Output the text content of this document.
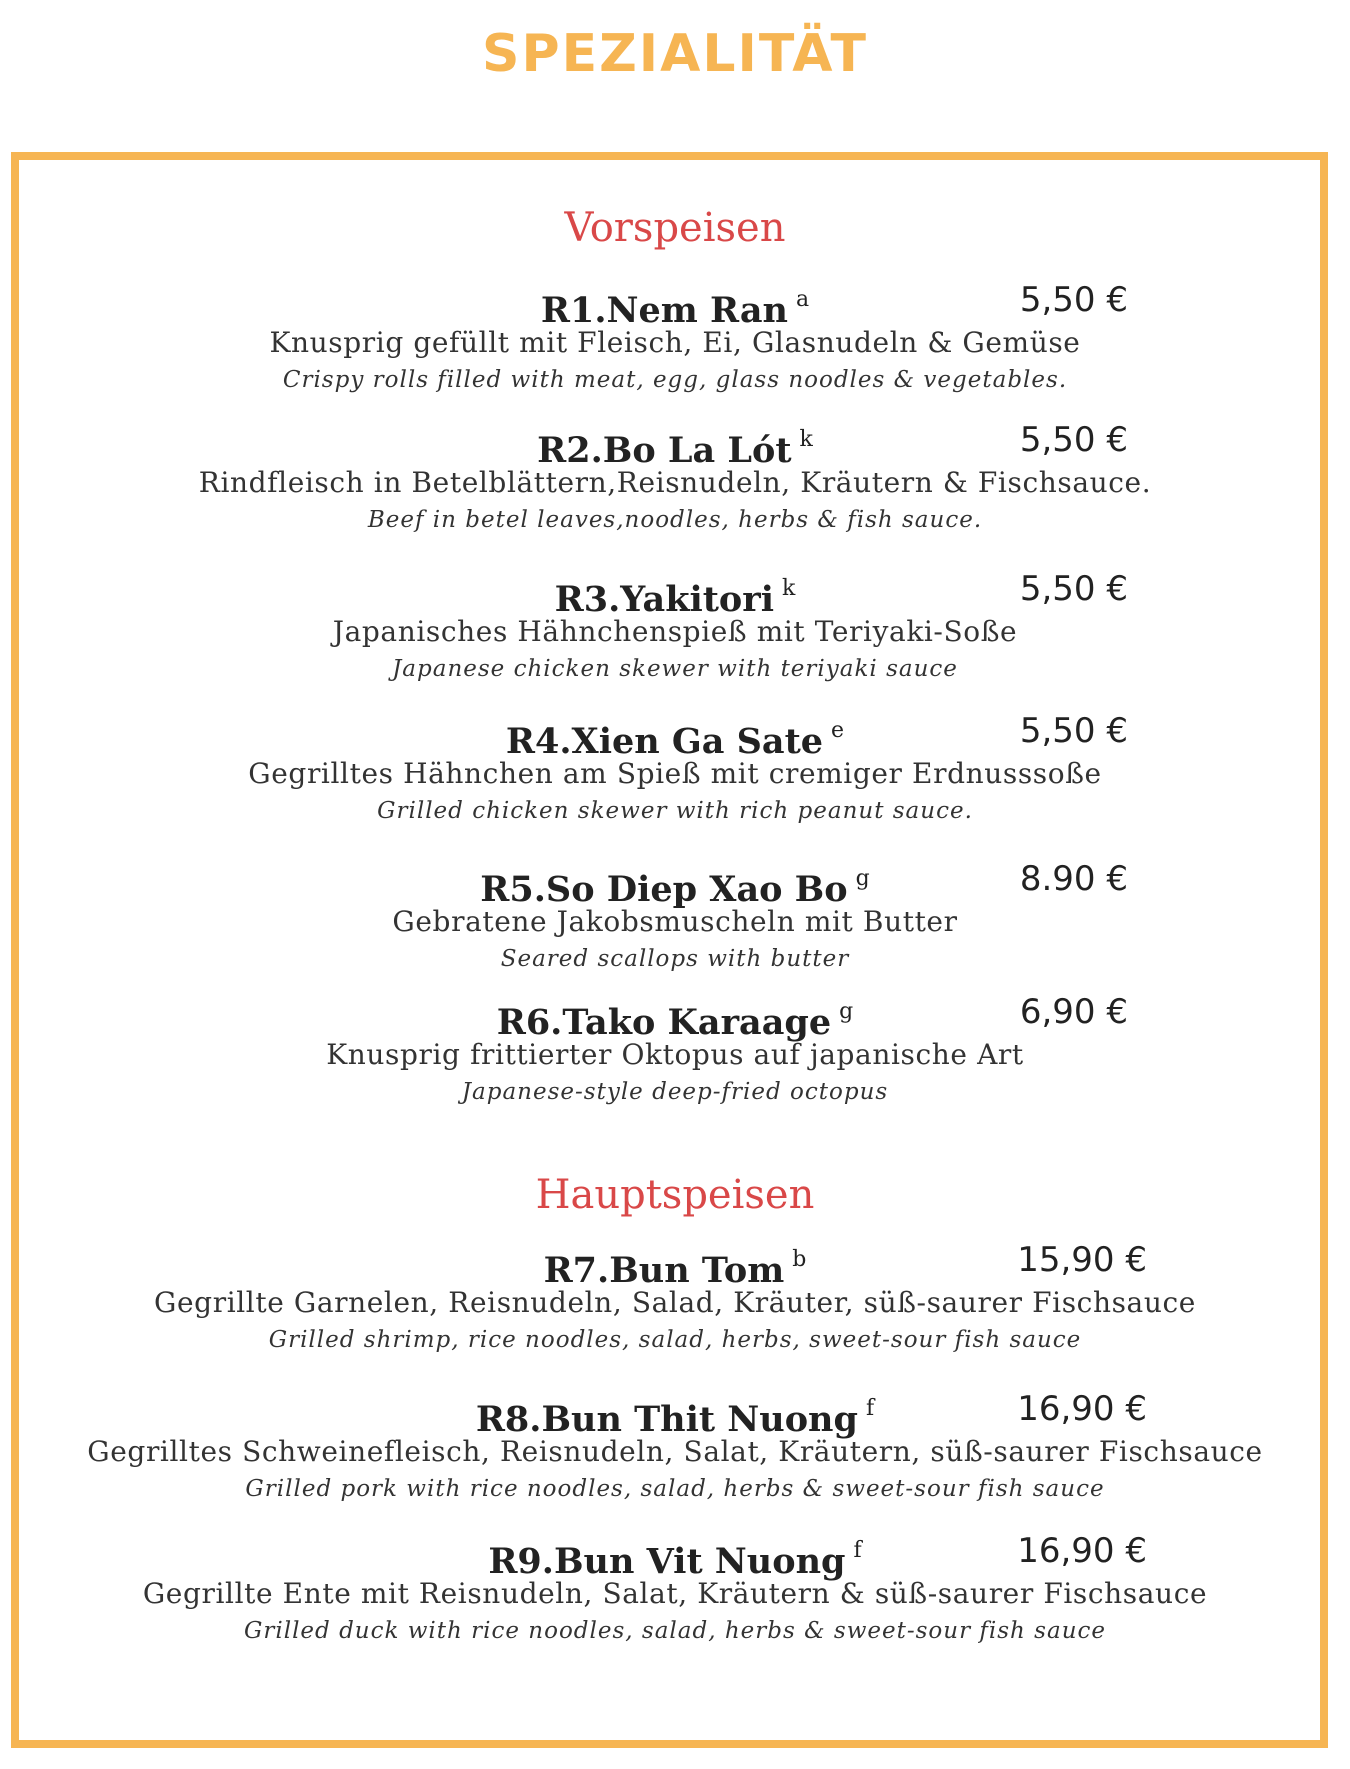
SPEZIALITÄT
Vorspeisen
R1.Nem Ran $^a$	5,50 €
Knusprig gefüllt mit Fleisch, Ei, Glasnudeln & Gemüse
Crispy rolls filled with meat, egg, glass noodles & vegetables.
R2.Bo La Lót $^k$	5,50 €
Rindfleisch in Betelblättern,Reisnudeln, Kräutern & Fischsauce.
Beef in betel leaves,noodles, herbs & fish sauce.
R3.Yakitori $^k$	5,50 €
Japanisches Hähnchenspieß mit Teriyaki-Soße
Japanese chicken skewer with teriyaki sauce
R4.Xien Ga Sate $^e$	5,50 €
Gegrilltes Hähnchen am Spieß mit cremiger Erdnusssoße
Grilled chicken skewer with rich peanut sauce.
R5.So Diep Xao Bo $^g$	8.90 €
Gebratene Jakobsmuscheln mit Butter
Seared scallops with butter
R6.Tako Karaage $^g$	6,90 €
Knusprig frittierter Oktopus auf japanische Art
Japanese-style deep-fried octopus
Hauptspeisen
R7.Bun Tom $^b$	15,90 €
Gegrillte Garnelen, Reisnudeln, Salad, Kräuter, süß-saurer Fischsauce
Grilled shrimp, rice noodles, salad, herbs, sweet-sour fish sauce
R8.Bun Thit Nuong $^f$	16,90 €
Gegrilltes Schweinefleisch, Reisnudeln, Salat, Kräutern, süß-saurer Fischsauce
Grilled pork with rice noodles, salad, herbs & sweet-sour fish sauce
R9.Bun Vit Nuong $^f$	16,90 €
Gegrillte Ente mit Reisnudeln, Salat, Kräutern & süß-saurer Fischsauce
Grilled duck with rice noodles, salad, herbs & sweet-sour fish sauce
